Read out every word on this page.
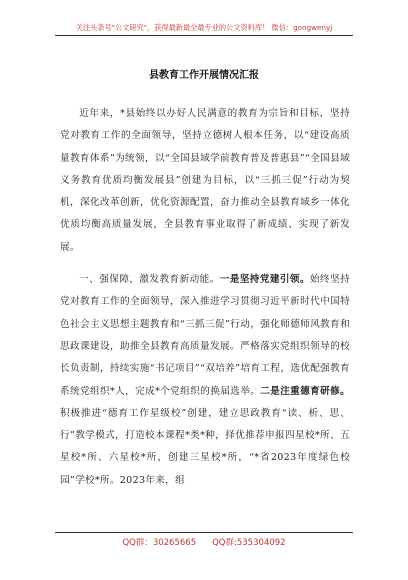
关注头条号"公文研究"，获得最新最全最专业的公文资料库！ 微信：gongwenyj
县教育工作开展情况汇报

近年来，*县始终以办好人民满意的教育为宗旨和目标，坚持党对教育工作的全面领导，坚持立德树人根本任务，以“建设高质量教育体系”为统领，以“全国县域学前教育普及普惠县”“全国县域义务教育优质均衡发展县”创建为目标，以“三抓三促”行动为契机，深化改革创新，优化资源配置，奋力推动全县教育域乡一体化优质均衡高质量发展，全县教育事业取得了新成绩、实现了新发展。

一、强保障，激发教育新动能。一是坚持党建引领。始终坚持党对教育工作的全面领导，深入推进学习贯彻习近平新时代中国特色社会主义思想主题教育和“三抓三促”行动，强化师德师风教育和思政课建设，助推全县教育高质量发展。严格落实党组织领导的校长负责制，持续实施“书记项目”“双培养”培育工程，选优配强教育系统党组织*人，完成*个党组织的换届选举。二是注重德育研修。积极推进“德育工作星级校”创建，建立思政教育“读、析、思、行”教学模式，打造校本课程*类*种，择优推荐申报四星校*所、五星校*所、六星校*所，创建三星校*所，“*省2023年度绿色校园”学校*所。2023年来，组

QQ群：30265665 QQ群:535304092
